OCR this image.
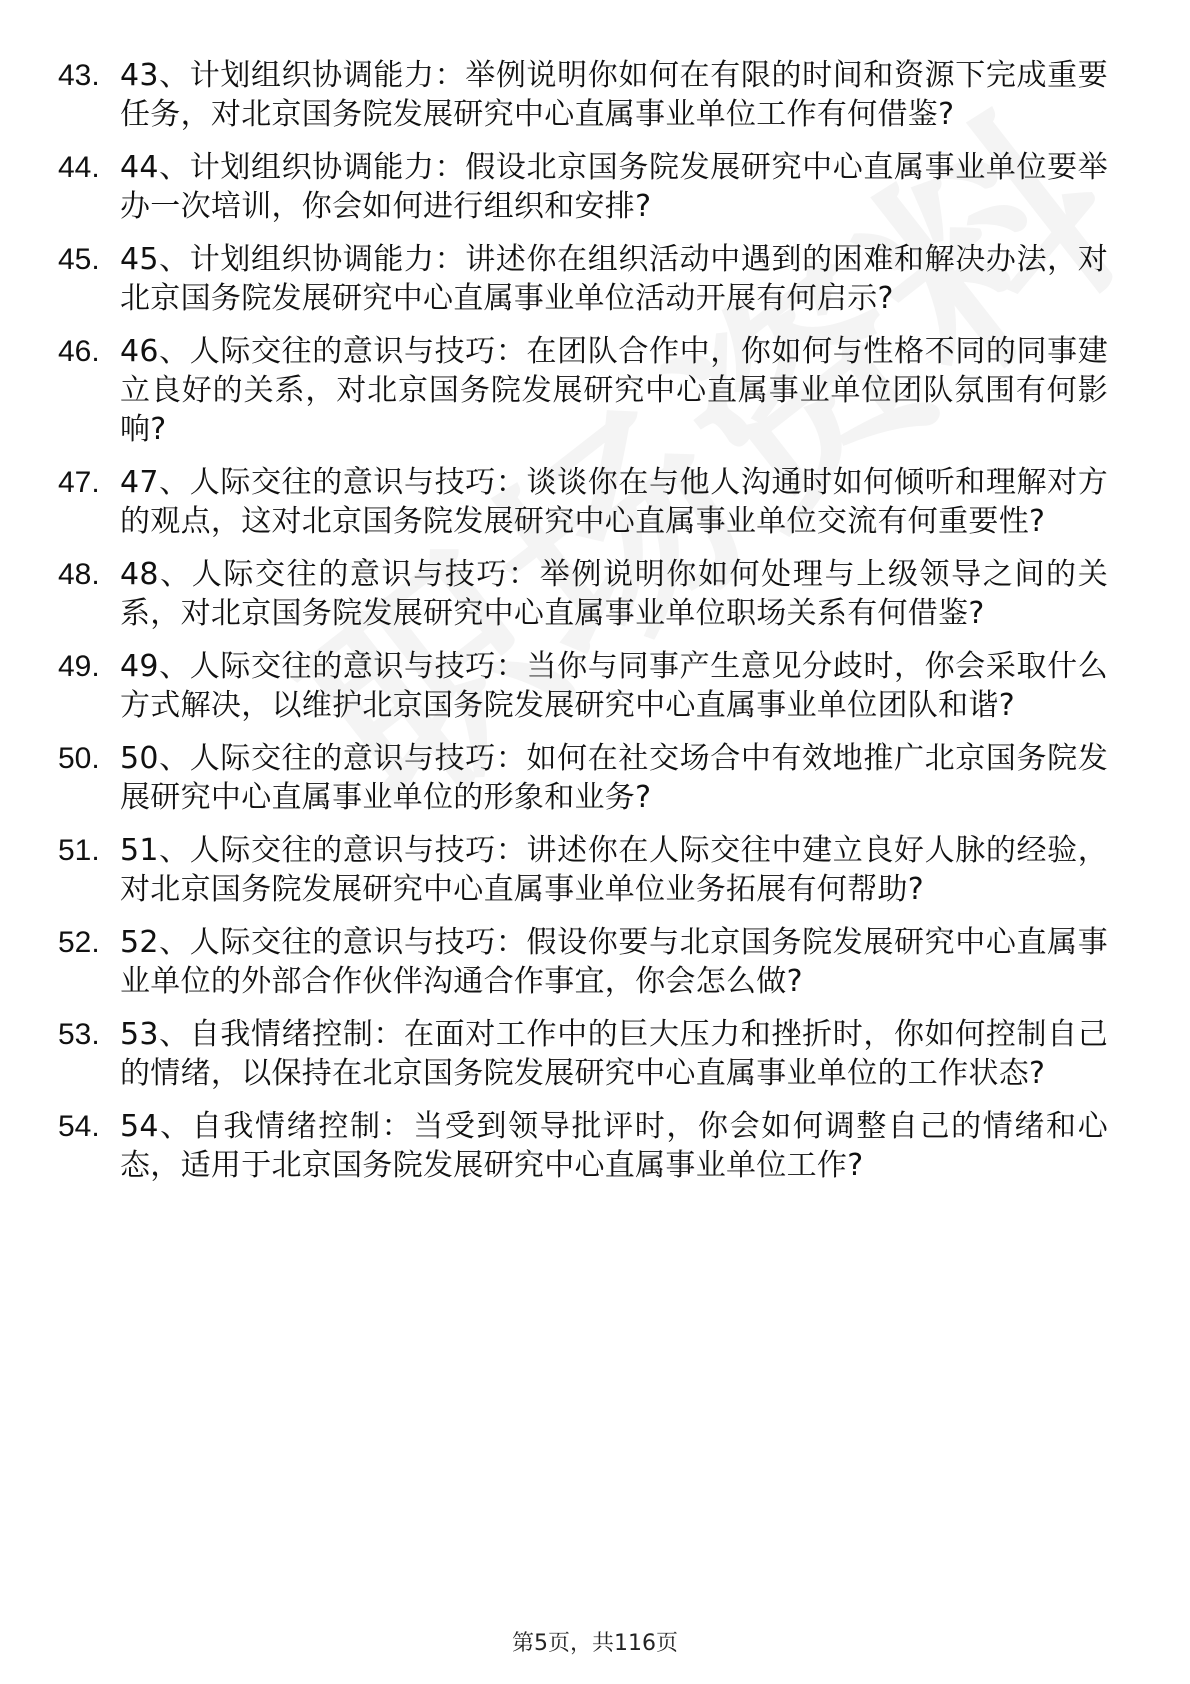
43. 43、计划组织协调能力：举例说明你如何在有限的时间和资源下完成重要任务，对北京国务院发展研究中心直属事业单位工作有何借鉴?
44. 44、计划组织协调能力：假设北京国务院发展研究中心直属事业单位要举办一次培训，你会如何进行组织和安排?
45. 45、计划组织协调能力：讲述你在组织活动中遇到的困难和解决办法，对北京国务院发展研究中心直属事业单位活动开展有何启示?
46. 46、人际交往的意识与技巧：在团队合作中，你如何与性格不同的同事建立良好的关系，对北京国务院发展研究中心直属事业单位团队氛围有何影响?
47. 47、人际交往的意识与技巧：谈谈你在与他人沟通时如何倾听和理解对方的观点，这对北京国务院发展研究中心直属事业单位交流有何重要性?
48. 48、人际交往的意识与技巧：举例说明你如何处理与上级领导之间的关系，对北京国务院发展研究中心直属事业单位职场关系有何借鉴?
49. 49、人际交往的意识与技巧：当你与同事产生意见分歧时，你会采取什么方式解决，以维护北京国务院发展研究中心直属事业单位团队和谐?
50. 50、人际交往的意识与技巧：如何在社交场合中有效地推广北京国务院发展研究中心直属事业单位的形象和业务?
51. 51、人际交往的意识与技巧：讲述你在人际交往中建立良好人脉的经验，对北京国务院发展研究中心直属事业单位业务拓展有何帮助?
52. 52、人际交往的意识与技巧：假设你要与北京国务院发展研究中心直属事业单位的外部合作伙伴沟通合作事宜，你会怎么做?
53. 53、自我情绪控制：在面对工作中的巨大压力和挫折时，你如何控制自己的情绪，以保持在北京国务院发展研究中心直属事业单位的工作状态?
54. 54、自我情绪控制：当受到领导批评时，你会如何调整自己的情绪和心态，适用于北京国务院发展研究中心直属事业单位工作?
第5页，共116页
